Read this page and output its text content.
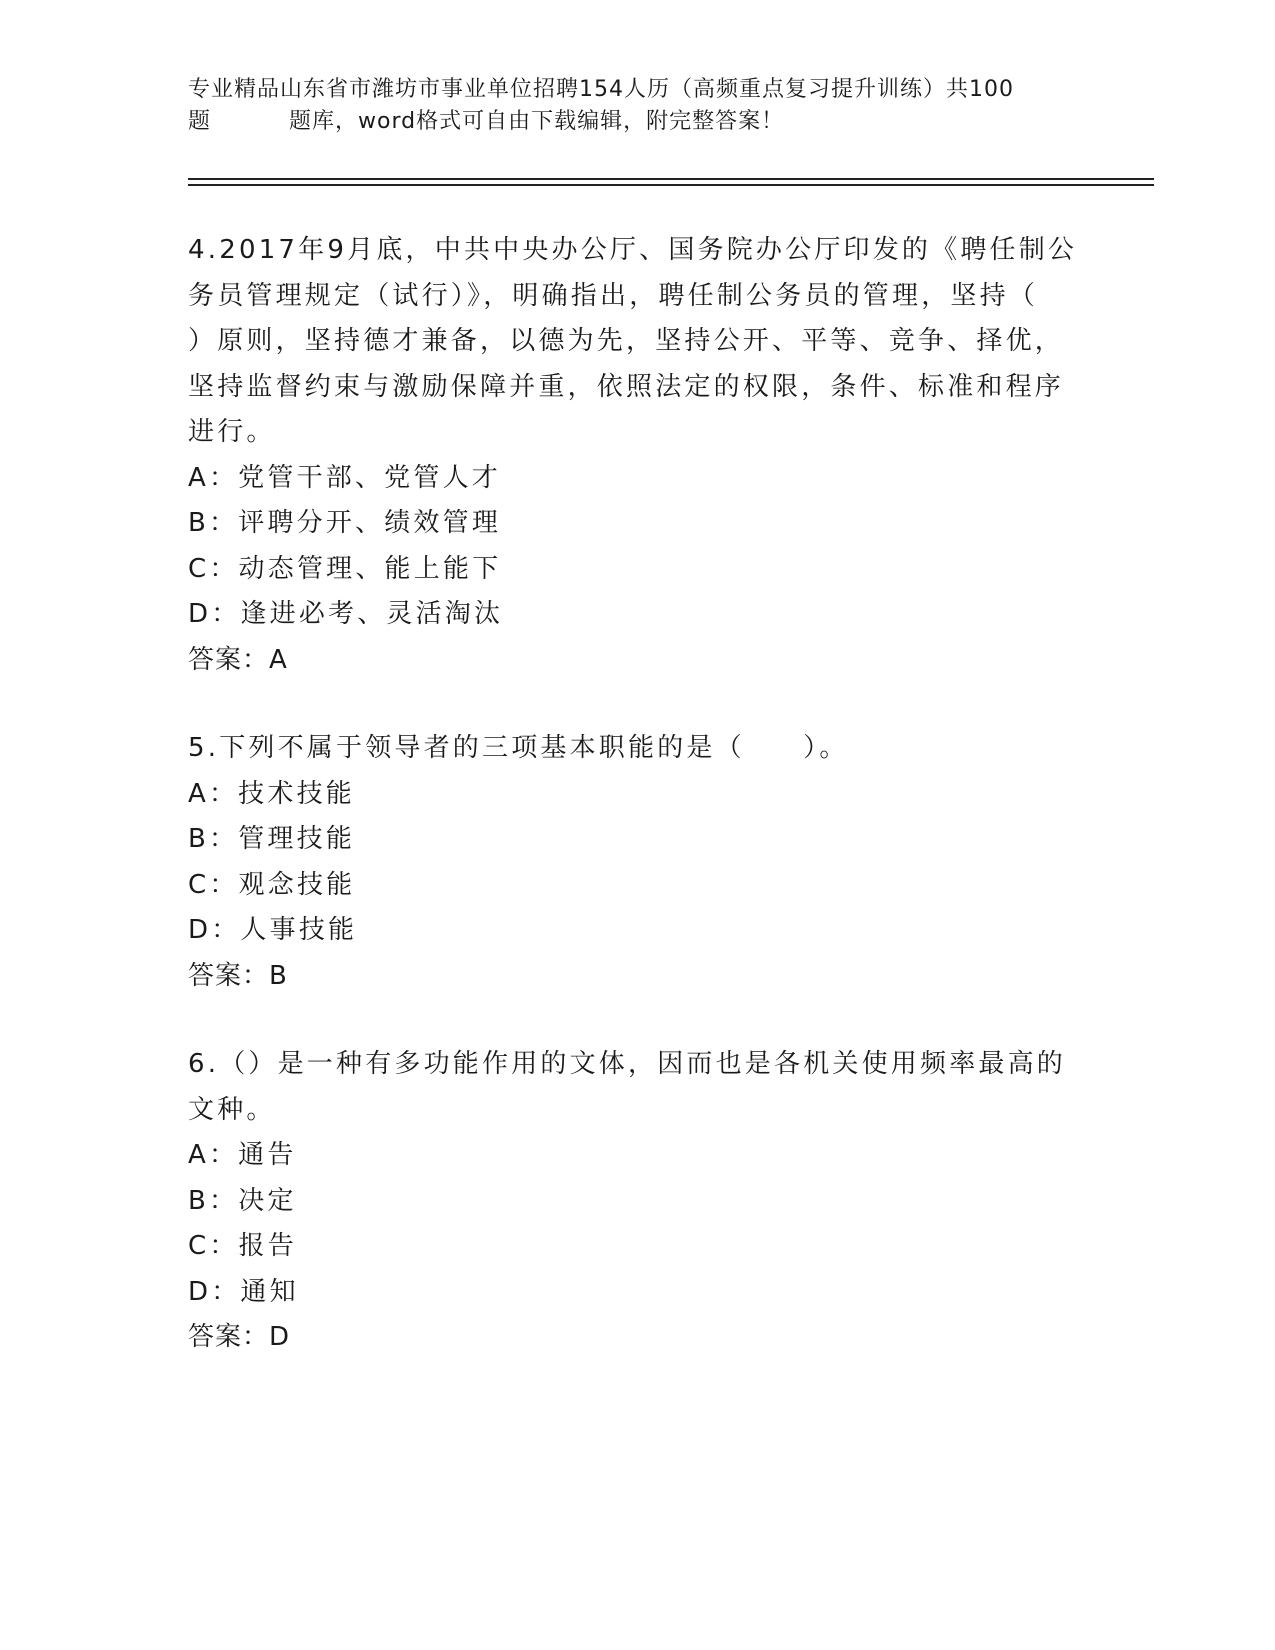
专业精品山东省市潍坊市事业单位招聘154人历（高频重点复习提升训练）共100
题	题库，word格式可自由下载编辑，附完整答案！

4.2017年9月底，中共中央办公厅、国务院办公厅印发的《聘任制公

务员管理规定（试行）》，明确指出，聘任制公务员的管理，坚持（

）原则，坚持德才兼备，以德为先，坚持公开、平等、竞争、择优，

坚持监督约束与激励保障并重，依照法定的权限，条件、标准和程序

进行。

A：党管干部、党管人才

B：评聘分开、绩效管理

C：动态管理、能上能下

D：逢进必考、灵活淘汰

答案：A

5.下列不属于领导者的三项基本职能的是（　　）。

A：技术技能

B：管理技能

C：观念技能

D：人事技能

答案：B

6.（）是一种有多功能作用的文体，因而也是各机关使用频率最高的

文种。

A：通告

B：决定

C：报告

D：通知

答案：D
